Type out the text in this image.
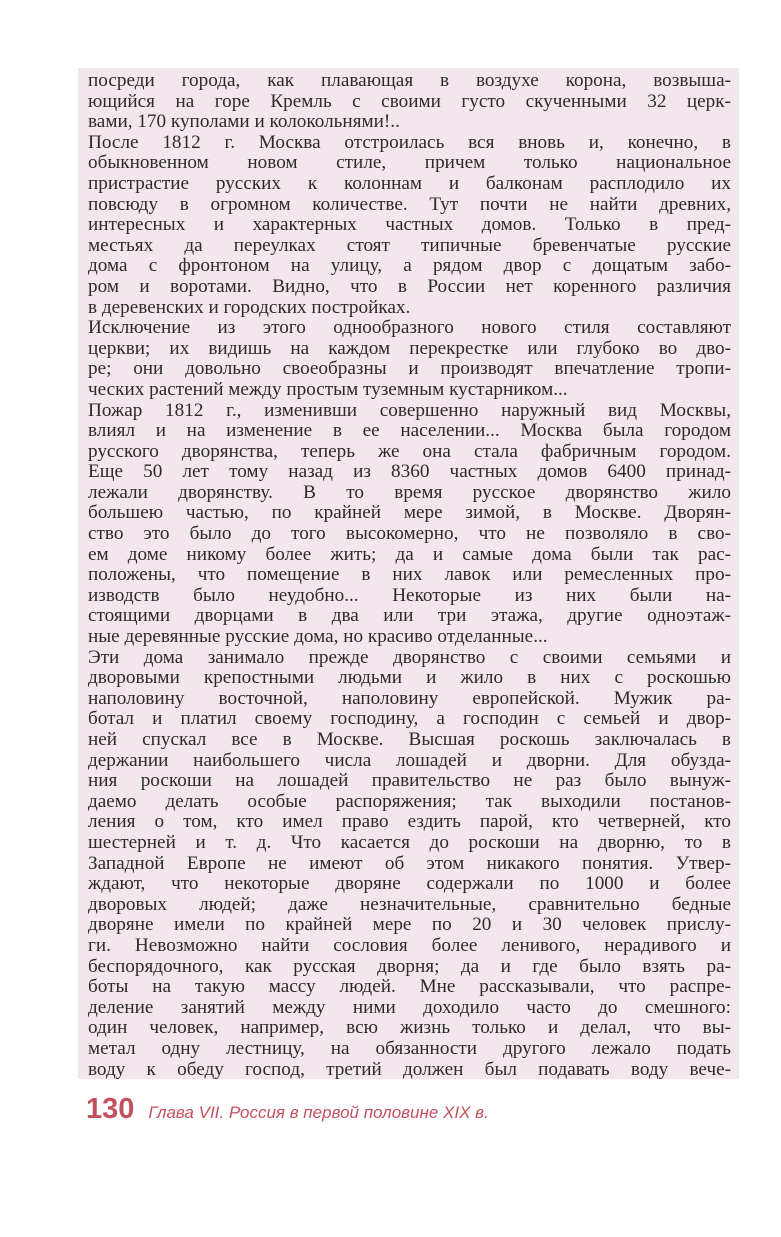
посреди города, как плавающая в воздухе корона, возвыша-
ющийся на горе Кремль с своими густо скученными 32 церк-
вами, 170 куполами и колокольнями!..
После 1812 г. Москва отстроилась вся вновь и, конечно, в
обыкновенном новом стиле, причем только национальное
пристрастие русских к колоннам и балконам расплодило их
повсюду в огромном количестве. Тут почти не найти древних,
интересных и характерных частных домов. Только в пред-
местьях да переулках стоят типичные бревенчатые русские
дома с фронтоном на улицу, а рядом двор с дощатым забо-
ром и воротами. Видно, что в России нет коренного различия
в деревенских и городских постройках.
Исключение из этого однообразного нового стиля составляют
церкви; их видишь на каждом перекрестке или глубоко во дво-
ре; они довольно своеобразны и производят впечатление тропи-
ческих растений между простым туземным кустарником...
Пожар 1812 г., изменивши совершенно наружный вид Москвы,
влиял и на изменение в ее населении... Москва была городом
русского дворянства, теперь же она стала фабричным городом.
Еще 50 лет тому назад из 8360 частных домов 6400 принад-
лежали дворянству. В то время русское дворянство жило
большею частью, по крайней мере зимой, в Москве. Дворян-
ство это было до того высокомерно, что не позволяло в сво-
ем доме никому более жить; да и самые дома были так рас-
положены, что помещение в них лавок или ремесленных про-
изводств было неудобно... Некоторые из них были на-
стоящими дворцами в два или три этажа, другие одноэтаж-
ные деревянные русские дома, но красиво отделанные...
Эти дома занимало прежде дворянство с своими семьями и
дворовыми крепостными людьми и жило в них с роскошью
наполовину восточной, наполовину европейской. Мужик ра-
ботал и платил своему господину, а господин с семьей и двор-
ней спускал все в Москве. Высшая роскошь заключалась в
держании наибольшего числа лошадей и дворни. Для обузда-
ния роскоши на лошадей правительство не раз было вынуж-
даемо делать особые распоряжения; так выходили постанов-
ления о том, кто имел право ездить парой, кто четверней, кто
шестерней и т. д. Что касается до роскоши на дворню, то в
Западной Европе не имеют об этом никакого понятия. Утвер-
ждают, что некоторые дворяне содержали по 1000 и более
дворовых людей; даже незначительные, сравнительно бедные
дворяне имели по крайней мере по 20 и 30 человек прислу-
ги. Невозможно найти сословия более ленивого, нерадивого и
беспорядочного, как русская дворня; да и где было взять ра-
боты на такую массу людей. Мне рассказывали, что распре-
деление занятий между ними доходило часто до смешного:
один человек, например, всю жизнь только и делал, что вы-
метал одну лестницу, на обязанности другого лежало подать
воду к обеду господ, третий должен был подавать воду вече-
130 Глава VII. Россия в первой половине XIX в.
